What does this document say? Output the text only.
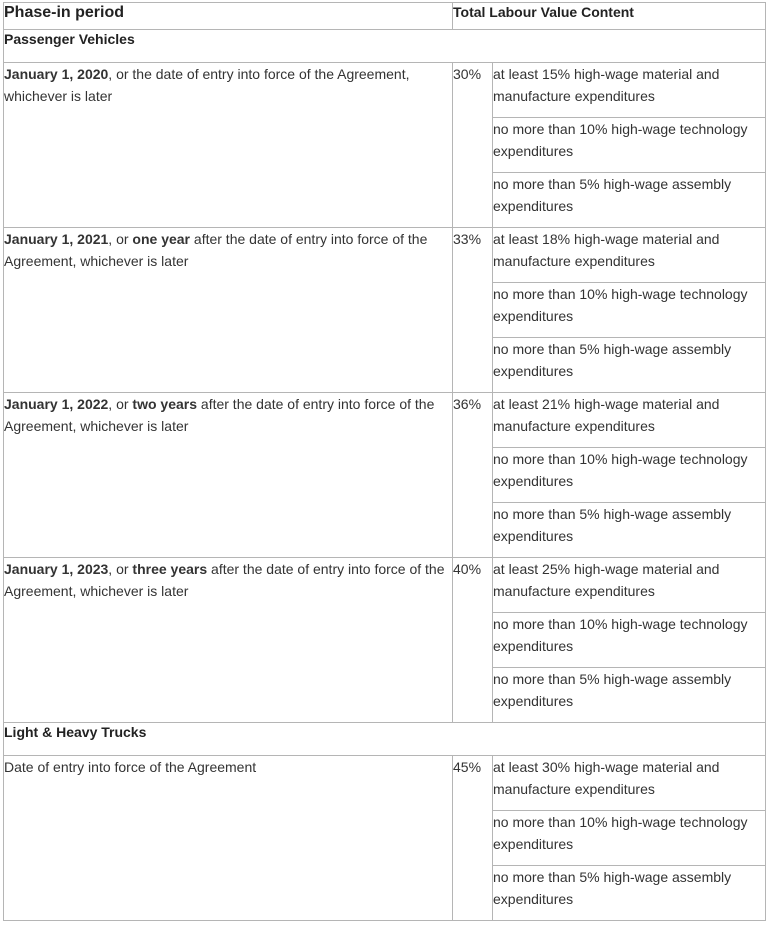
Phase-in period	Total Labour Value Content	
Passenger Vehicles		
January 1, 2020, or the date of entry into force of the Agreement, whichever is later	30%	at least 15% high-wage material and manufacture expenditures
		no more than 10% high-wage technology expenditures
		no more than 5% high-wage assembly expenditures
January 1, 2021, or one year after the date of entry into force of the Agreement, whichever is later	33%	at least 18% high-wage material and manufacture expenditures
		no more than 10% high-wage technology expenditures
		no more than 5% high-wage assembly expenditures
January 1, 2022, or two years after the date of entry into force of the Agreement, whichever is later	36%	at least 21% high-wage material and manufacture expenditures
		no more than 10% high-wage technology expenditures
		no more than 5% high-wage assembly expenditures
January 1, 2023, or three years after the date of entry into force of the Agreement, whichever is later	40%	at least 25% high-wage material and manufacture expenditures
		no more than 10% high-wage technology expenditures
		no more than 5% high-wage assembly expenditures
Light & Heavy Trucks		
Date of entry into force of the Agreement	45%	at least 30% high-wage material and manufacture expenditures
		no more than 10% high-wage technology expenditures
		no more than 5% high-wage assembly expenditures
